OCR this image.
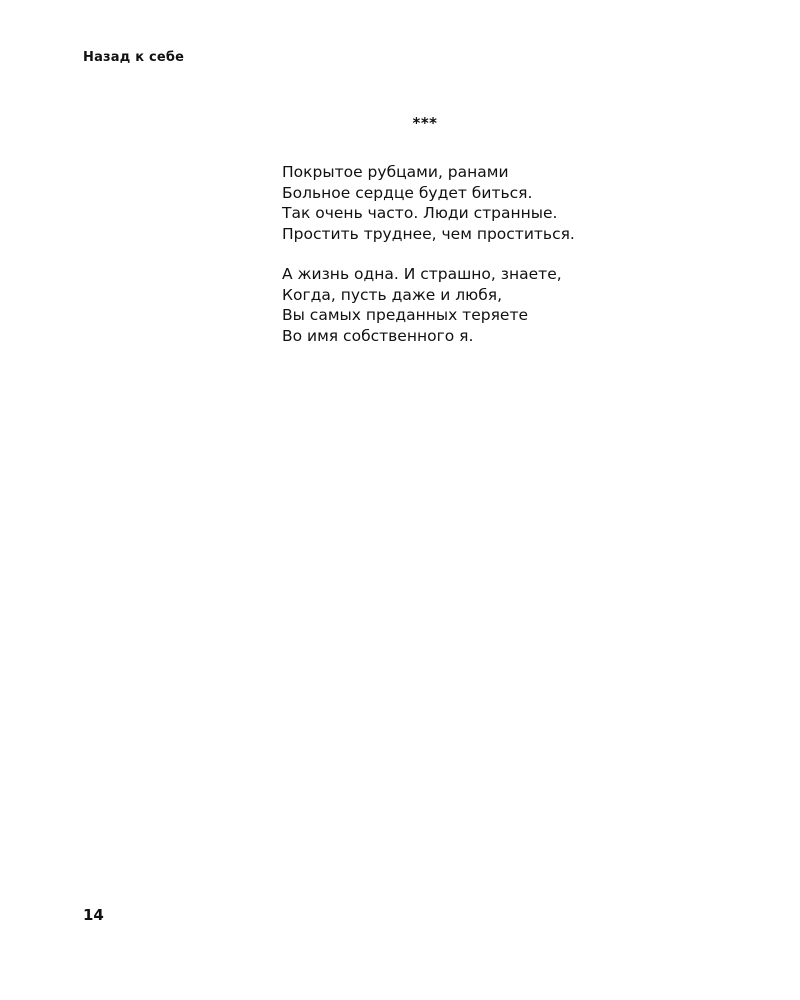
Назад к себе
***
Покрытое рубцами, ранами
Больное сердце будет биться.
Так очень часто. Люди странные.
Простить труднее, чем проститься.
А жизнь одна. И страшно, знаете,
Когда, пусть даже и любя,
Вы самых преданных теряете
Во имя собственного я.
14
